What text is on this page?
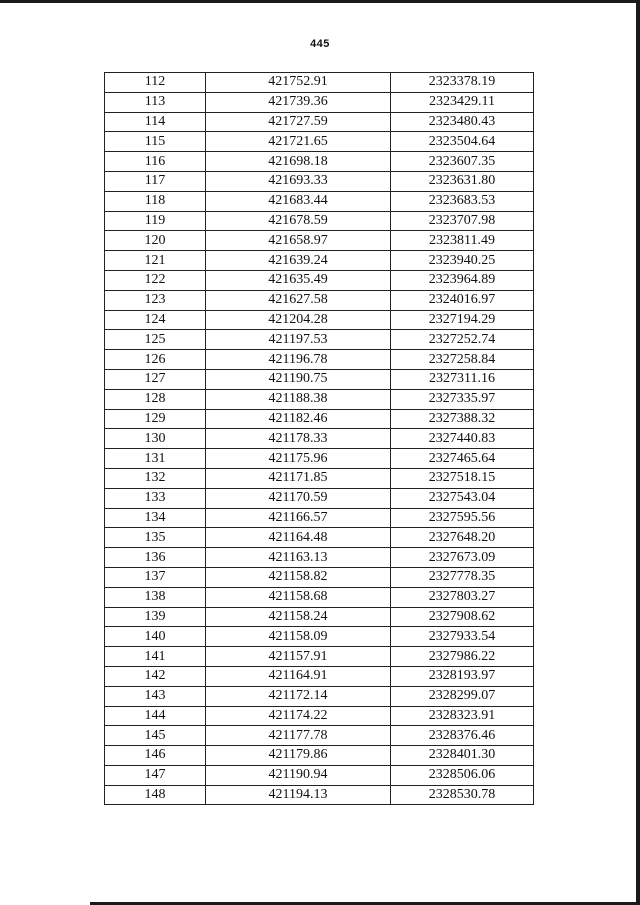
445
112	421752.91	2323378.19
113	421739.36	2323429.11
114	421727.59	2323480.43
115	421721.65	2323504.64
116	421698.18	2323607.35
117	421693.33	2323631.80
118	421683.44	2323683.53
119	421678.59	2323707.98
120	421658.97	2323811.49
121	421639.24	2323940.25
122	421635.49	2323964.89
123	421627.58	2324016.97
124	421204.28	2327194.29
125	421197.53	2327252.74
126	421196.78	2327258.84
127	421190.75	2327311.16
128	421188.38	2327335.97
129	421182.46	2327388.32
130	421178.33	2327440.83
131	421175.96	2327465.64
132	421171.85	2327518.15
133	421170.59	2327543.04
134	421166.57	2327595.56
135	421164.48	2327648.20
136	421163.13	2327673.09
137	421158.82	2327778.35
138	421158.68	2327803.27
139	421158.24	2327908.62
140	421158.09	2327933.54
141	421157.91	2327986.22
142	421164.91	2328193.97
143	421172.14	2328299.07
144	421174.22	2328323.91
145	421177.78	2328376.46
146	421179.86	2328401.30
147	421190.94	2328506.06
148	421194.13	2328530.78
